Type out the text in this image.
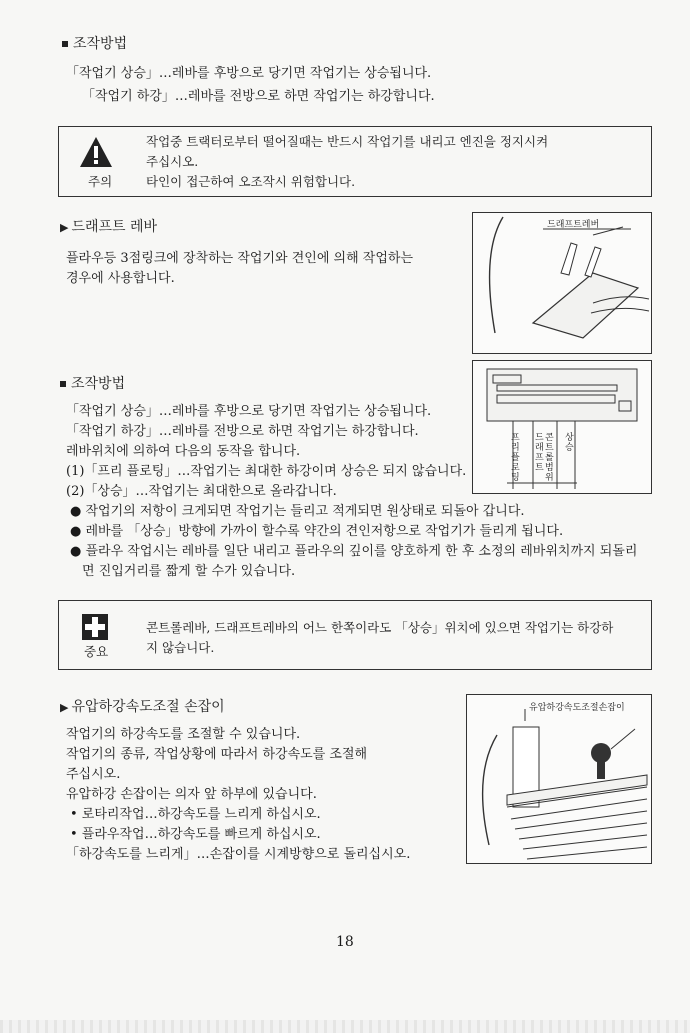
조작방법
「작업기 상승」…레바를 후방으로 당기면 작업기는 상승됩니다.
「작업기 하강」…레바를 전방으로 하면 작업기는 하강합니다.
주의
작업중 트랙터로부터 떨어질때는 반드시 작업기를 내리고 엔진을 정지시켜
주십시오.
타인이 접근하여 오조작시 위험합니다.
▶ 드래프트 레바
플라우등 3점링크에 장착하는 작업기와 견인에 의해 작업하는
경우에 사용합니다.
드래프트레버
조작방법
「작업기 상승」…레바를 후방으로 당기면 작업기는 상승됩니다.
「작업기 하강」…레바를 전방으로 하면 작업기는 하강합니다.
레바위치에 의하여 다음의 동작을 합니다.
(1)「프리 플로팅」…작업기는 최대한 하강이며 상승은 되지 않습니다.
(2)「상승」…작업기는 최대한으로 올라갑니다.
● 작업기의 저항이 크게되면 작업기는 들리고 적게되면 원상태로 되돌아 갑니다.
● 레바를 「상승」방향에 가까이 할수록 약간의 견인저항으로 작업기가 들리게 됩니다.
● 플라우 작업시는 레바를 일단 내리고 플라우의 깊이를 양호하게 한 후 소정의 레바위치까지 되돌리
면 진입거리를 짧게 할 수가 있습니다.
프리플로팅
드래프트
콘트롤범위
상승
중요
콘트롤레바, 드래프트레바의 어느 한쪽이라도 「상승」위치에 있으면 작업기는 하강하
지 않습니다.
▶ 유압하강속도조절 손잡이
작업기의 하강속도를 조절할 수 있습니다.
작업기의 종류, 작업상황에 따라서 하강속도를 조절해
주십시오.
유압하강 손잡이는 의자 앞 하부에 있습니다.
• 로타리작업…하강속도를 느리게 하십시오.
• 플라우작업…하강속도를 빠르게 하십시오.
「하강속도를 느리게」…손잡이를 시계방향으로 돌리십시오.
유압하강속도조절손잡이
18
